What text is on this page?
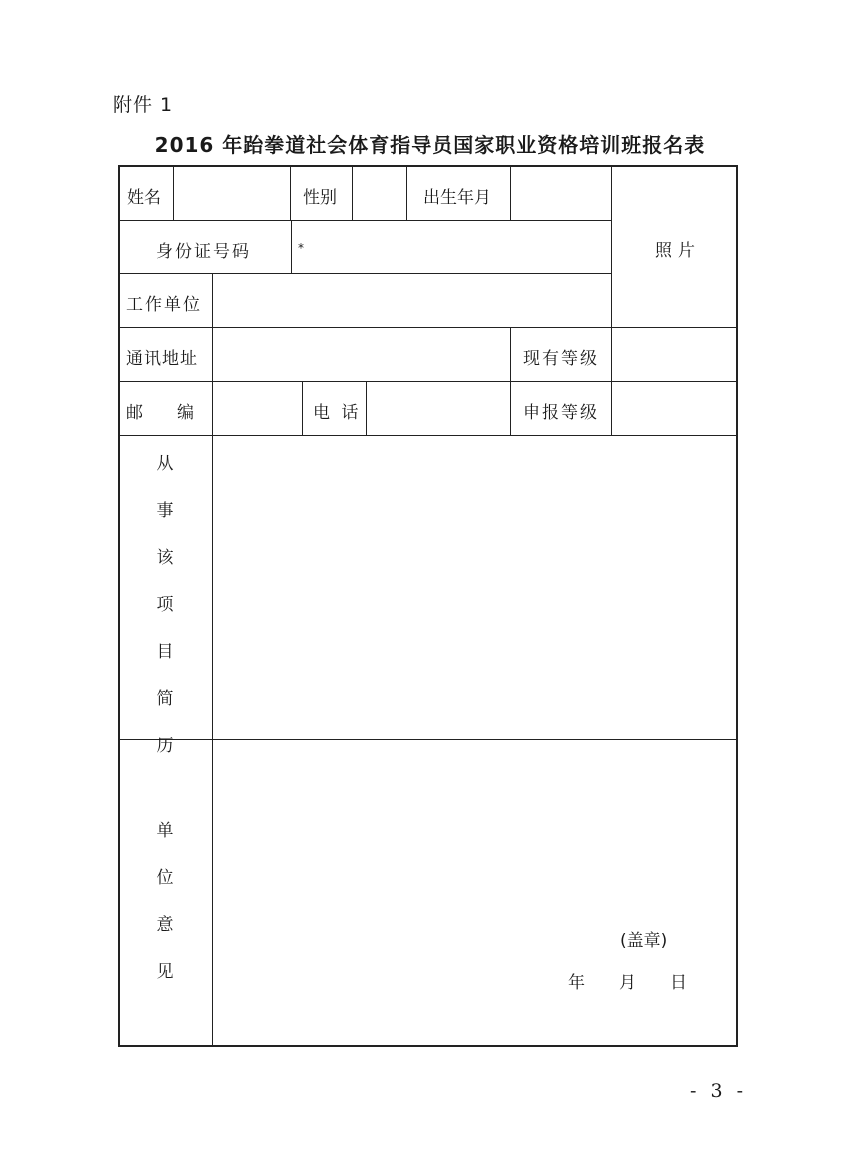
附件 1
2016 年跆拳道社会体育指导员国家职业资格培训班报名表
姓名	性别	出生年月
照片
身份证号码	*
工作单位
通讯地址	现有等级
邮　　编	电 话	申报等级
从
事
该
项
目
简
历
单
位
意
见
(盖章)
年　　月　　日
- 3 -
